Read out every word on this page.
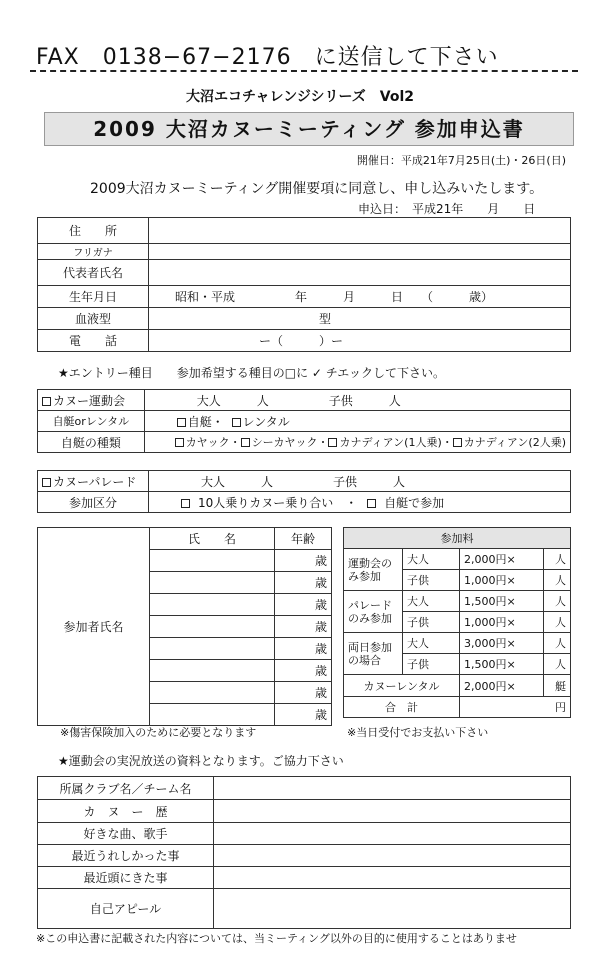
FAX　0138−67−2176　に送信して下さい
大沼エコチャレンジシリーズ　Vol2
2009 大沼カヌーミーティング 参加申込書
開催日：平成21年7月25日(土)・26日(日)
2009大沼カヌーミーティング開催要項に同意し、申し込みいたします。
申込日：　平成21年　　月　　日
住　　所	
フリガナ	
代表者氏名	
生年月日	昭和・平成　　　　　年　　　月　　　日　　（　　　歳）
血液型	型
電　　話	ー（　　　）ー
★エントリー種目　　参加希望する種目の□に ✓ チエックして下さい。
カヌー運動会	大人　　　人　　　　　子供　　　人
自艇orレンタル	自艇・ レンタル
自艇の種類	カヤック・ シーカヤック・ カナディアン(1人乗)・ カナディアン(2人乗)
カヌーパレード	大人　　　人　　　　　子供　　　人
参加区分	10人乗りカヌー乗り合い　・ 自艇で参加
参加者氏名	氏　　名	年齢
		歳
		歳
		歳
		歳
		歳
		歳
		歳
		歳
※傷害保険加入のために必要となります
参加料			
運動会のみ参加	大人	2,000円×	人
	子供	1,000円×	人
パレードのみ参加	大人	1,500円×	人
	子供	1,000円×	人
両日参加の場合	大人	3,000円×	人
	子供	1,500円×	人
カヌーレンタル		2,000円×	艇
合　計		円	
※当日受付でお支払い下さい
★運動会の実況放送の資料となります。ご協力下さい
所属クラブ名／チーム名	
カ　ヌ　ー　歴	
好きな曲、歌手	
最近うれしかった事	
最近頭にきた事	
自己アピール	
※この申込書に記載された内容については、当ミーティング以外の目的に使用することはありませ
